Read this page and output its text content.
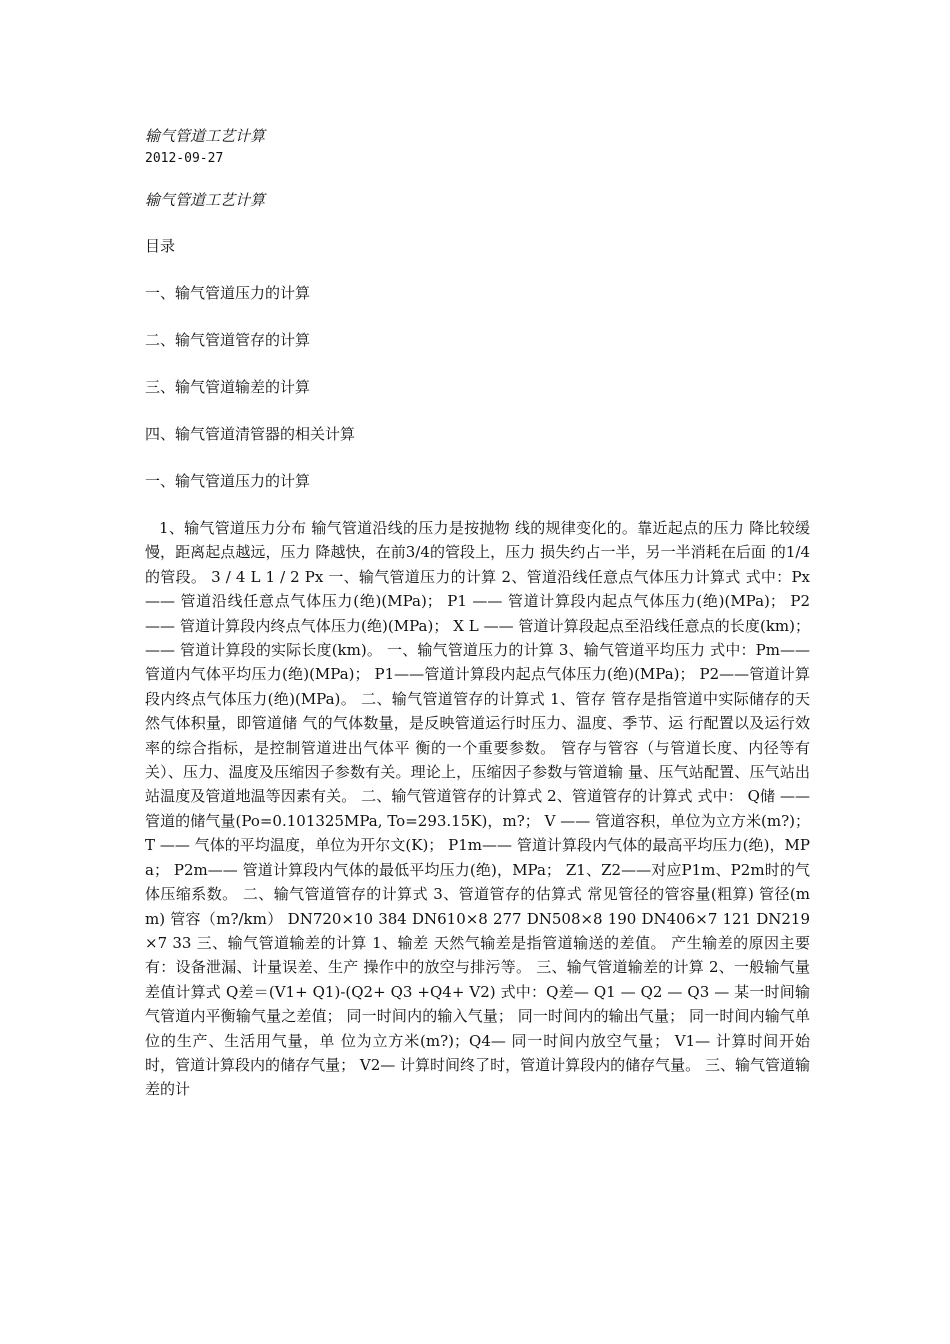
输气管道工艺计算

2012-09-27

输气管道工艺计算

目录

一、输气管道压力的计算

二、输气管道管存的计算

三、输气管道输差的计算

四、输气管道清管器的相关计算

一、输气管道压力的计算

1、输气管道压力分布 输气管道沿线的压力是按抛物 线的规律变化的。靠近起点的压力 降比较缓慢，距离起点越远，压力 降越快，在前3/4的管段上，压力 损失约占一半，另一半消耗在后面 的1/4的管段。 3 / 4 L 1 / 2 Px 一、输气管道压力的计算 2、管道沿线任意点气体压力计算式 式中：Px —— 管道沿线任意点气体压力(绝)(MPa)； P1 —— 管道计算段内起点气体压力(绝)(MPa)； P2 —— 管道计算段内终点气体压力(绝)(MPa)； X L —— 管道计算段起点至沿线任意点的长度(km)； —— 管道计算段的实际长度(km)。 一、输气管道压力的计算 3、输气管道平均压力 式中：Pm——管道内气体平均压力(绝)(MPa)； P1——管道计算段内起点气体压力(绝)(MPa)； P2——管道计算段内终点气体压力(绝)(MPa)。 二、输气管道管存的计算式 1、管存 管存是指管道中实际储存的天然气体积量，即管道储 气的气体数量，是反映管道运行时压力、温度、季节、运 行配置以及运行效率的综合指标，是控制管道进出气体平 衡的一个重要参数。 管存与管容（与管道长度、内径等有关）、压力、温度及压缩因子参数有关。理论上，压缩因子参数与管道输 量、压气站配置、压气站出站温度及管道地温等因素有关。 二、输气管道管存的计算式 2、管道管存的计算式 式中： Q储 —— 管道的储气量(Po=0.101325MPa, To=293.15K)，m?； V —— 管道容积，单位为立方米(m?)； T —— 气体的平均温度，单位为开尔文(K)； P1m—— 管道计算段内气体的最高平均压力(绝)，MPa； P2m—— 管道计算段内气体的最低平均压力(绝)，MPa； Z1、Z2——对应P1m、P2m时的气体压缩系数。 二、输气管道管存的计算式 3、管道管存的估算式 常见管径的管容量(粗算) 管径(mm) 管容（m?/km） DN720×10 384 DN610×8 277 DN508×8 190 DN406×7 121 DN219×7 33 三、输气管道输差的计算 1、输差 天然气输差是指管道输送的差值。 产生输差的原因主要有：设备泄漏、计量误差、生产 操作中的放空与排污等。 三、输气管道输差的计算 2、一般输气量差值计算式 Q差＝(V1+ Q1)-(Q2+ Q3 +Q4+ V2) 式中：Q差— Q1 — Q2 — Q3 — 某一时间输气管道内平衡输气量之差值； 同一时间内的输入气量； 同一时间内的输出气量； 同一时间内输气单位的生产、生活用气量，单 位为立方米(m?)；Q4— 同一时间内放空气量； V1— 计算时间开始时，管道计算段内的储存气量； V2— 计算时间终了时，管道计算段内的储存气量。 三、输气管道输差的计
